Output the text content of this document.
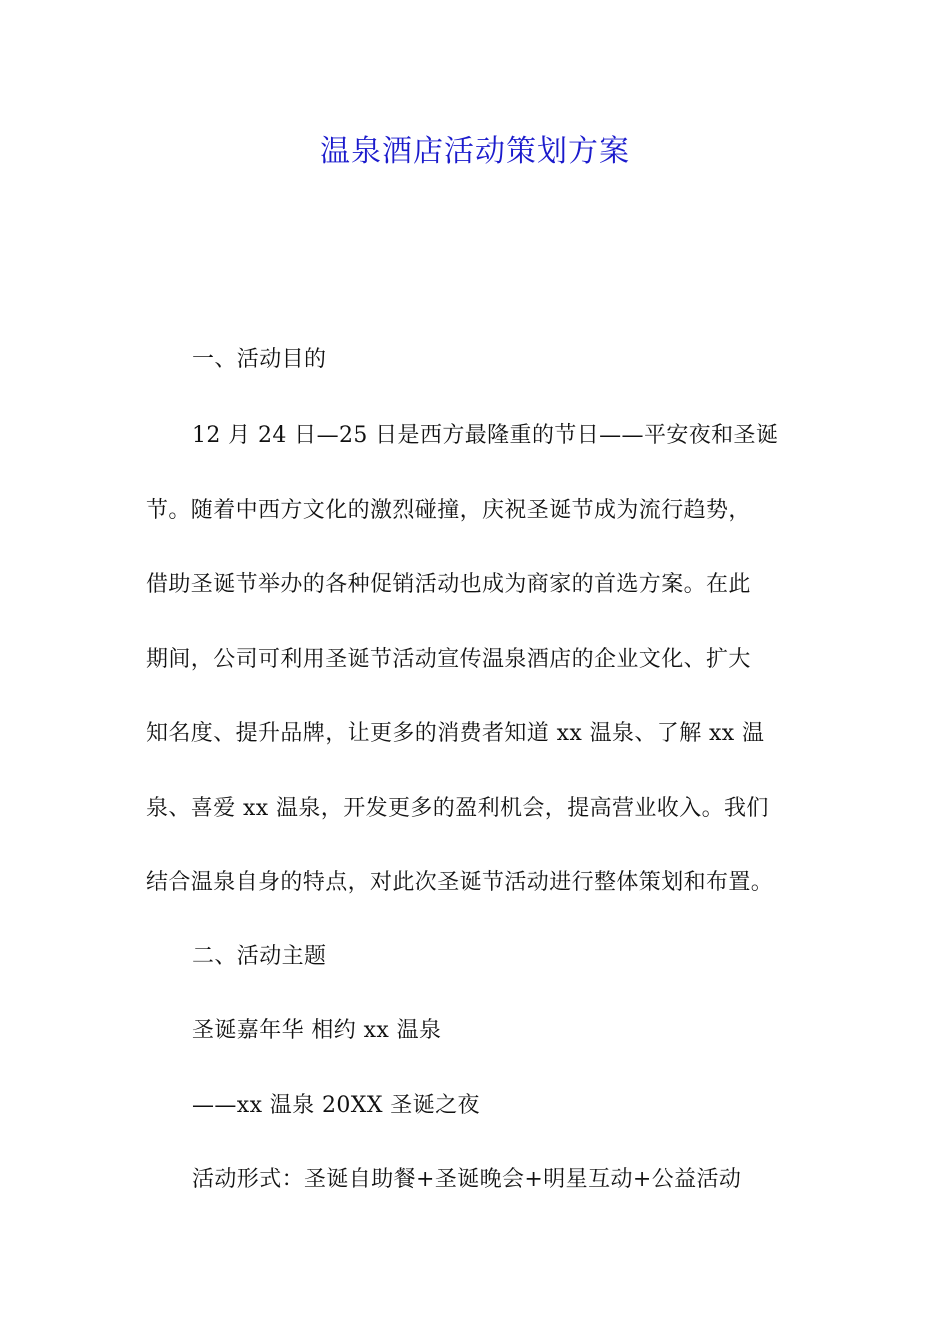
温泉酒店活动策划方案
一、活动目的
12 月 24 日—25 日是西方最隆重的节日——平安夜和圣诞
节。随着中西方文化的激烈碰撞，庆祝圣诞节成为流行趋势，
借助圣诞节举办的各种促销活动也成为商家的首选方案。在此
期间，公司可利用圣诞节活动宣传温泉酒店的企业文化、扩大
知名度、提升品牌，让更多的消费者知道 xx 温泉、了解 xx 温
泉、喜爱 xx 温泉，开发更多的盈利机会，提高营业收入。我们
结合温泉自身的特点，对此次圣诞节活动进行整体策划和布置。
二、活动主题
圣诞嘉年华 相约 xx 温泉
——xx 温泉 20XX 圣诞之夜
活动形式：圣诞自助餐+圣诞晚会+明星互动+公益活动
